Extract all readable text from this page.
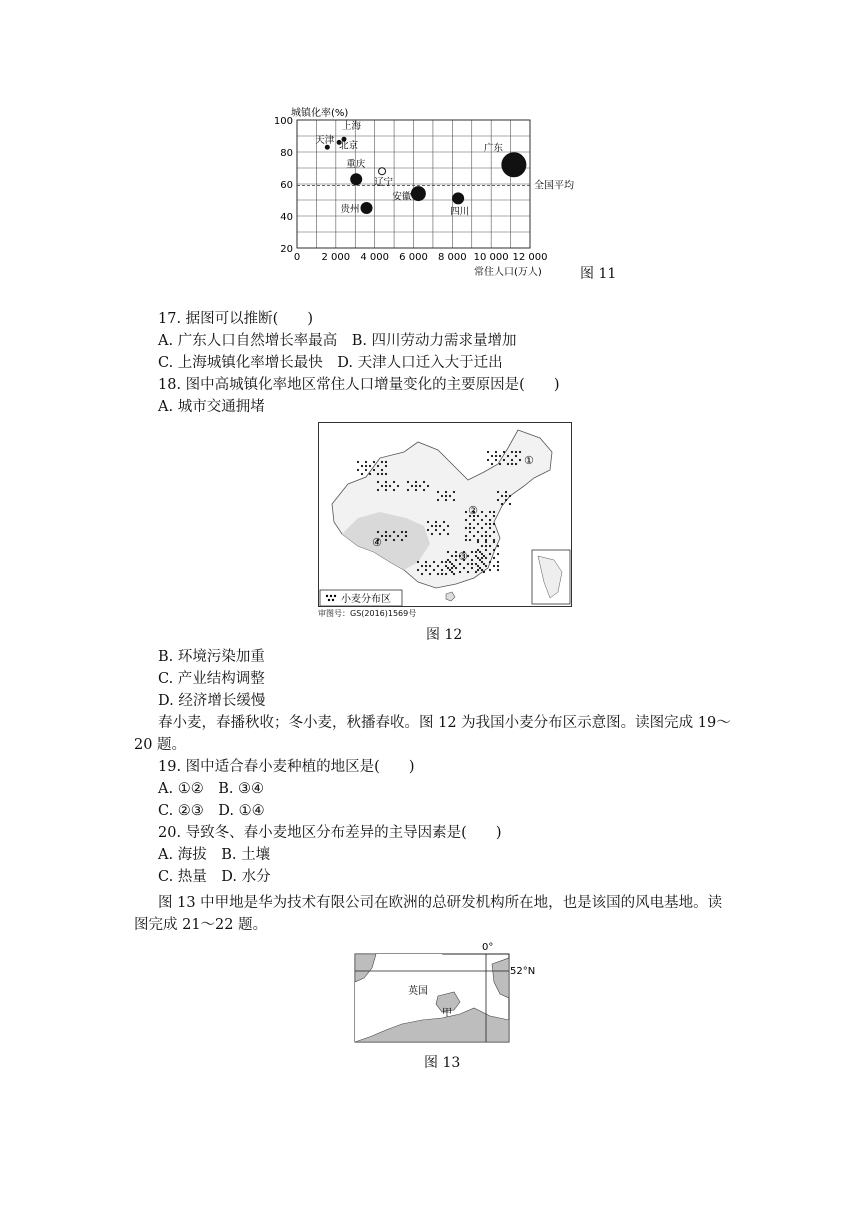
0 2 000 4 000 6 000 8 000 10 000 12 000
100
80
60
40
20
全国平均
天津
上海
北京
重庆
辽宁
安徽
四川
贵州
广东
城镇化率(%)
常住人口(万人)	图 11
17. 据图可以推断(　　)
A. 广东人口自然增长率最高　B. 四川劳动力需求量增加
C. 上海城镇化率增长最快　D. 天津人口迁入大于迁出
18. 图中高城镇化率地区常住人口增量变化的主要原因是(　　)
A. 城市交通拥堵
①
②
③
④
小麦分布区
审图号：GS(2016)1569号
图 12
B. 环境污染加重
C. 产业结构调整
D. 经济增长缓慢
春小麦，春播秋收；冬小麦，秋播春收。图 12 为我国小麦分布区示意图。读图完成 19～
20 题。
19. 图中适合春小麦种植的地区是(　　)
A. ①②　B. ③④
C. ②③　D. ①④
20. 导致冬、春小麦地区分布差异的主导因素是(　　)
A. 海拔　B. 土壤
C. 热量　D. 水分
图 13 中甲地是华为技术有限公司在欧洲的总研发机构所在地，也是该国的风电基地。读
图完成 21～22 题。
0°
52°N
英国
甲
图 13
